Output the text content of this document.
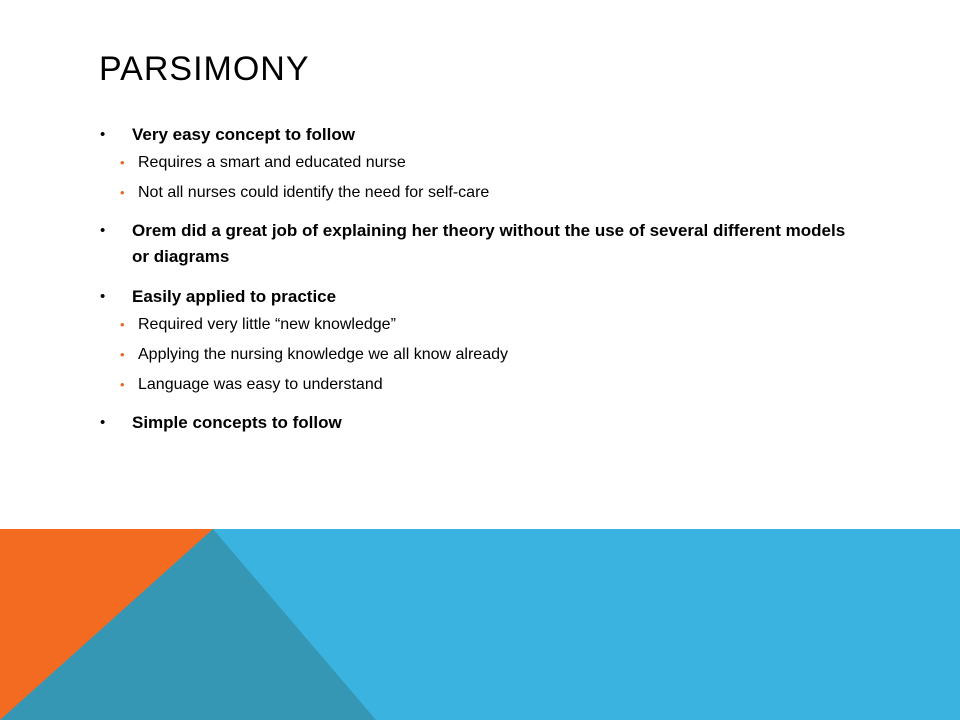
PARSIMONY
• Very easy concept to follow
• Requires a smart and educated nurse
• Not all nurses could identify the need for self-care
• Orem did a great job of explaining her theory without the use of several different models or diagrams
• Easily applied to practice
• Required very little “new knowledge”
• Applying the nursing knowledge we all know already
• Language was easy to understand
• Simple concepts to follow
